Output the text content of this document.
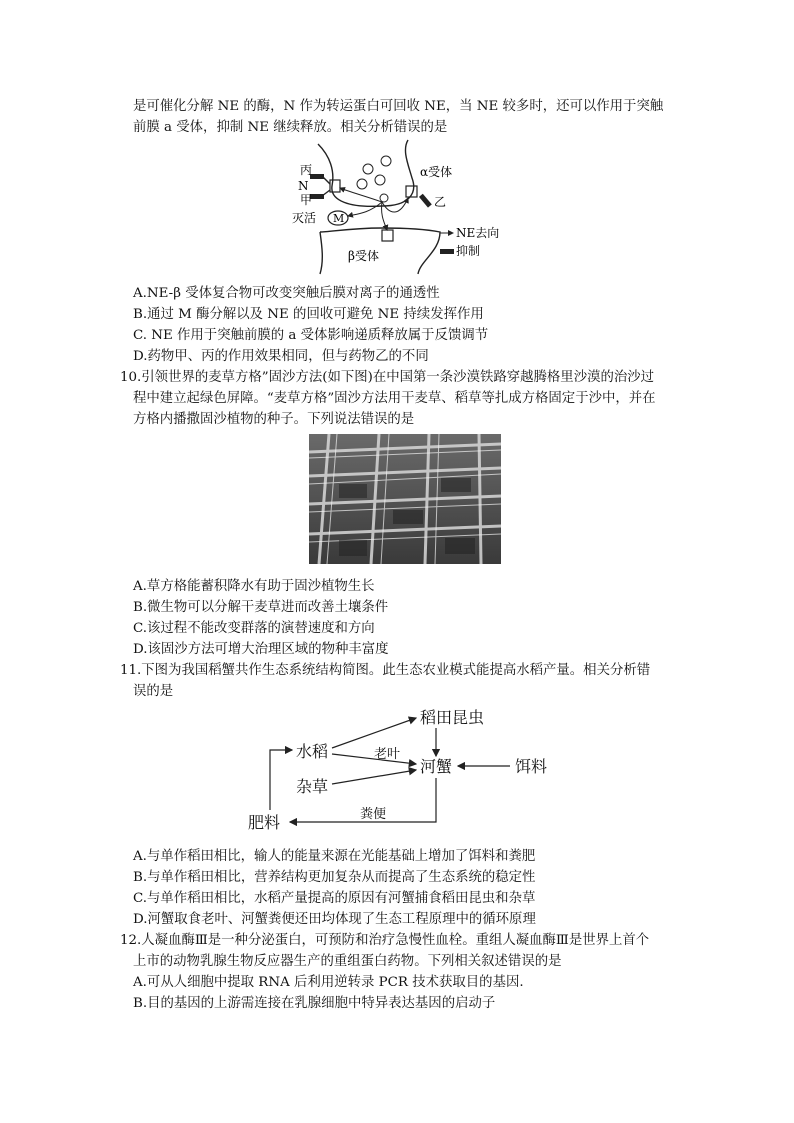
是可催化分解 NE 的酶，N 作为转运蛋白可回收 NE，当 NE 较多时，还可以作用于突触
前膜 a 受体，抑制 NE 继续释放。相关分析错误的是
M
丙
N
甲
灭活
α受体
乙
β受体
NE去向
抑制
A.NE-β 受体复合物可改变突触后膜对离子的通透性
B.通过 M 酶分解以及 NE 的回收可避免 NE 持续发挥作用
C. NE 作用于突触前膜的 a 受体影响递质释放属于反馈调节
D.药物甲、丙的作用效果相同，但与药物乙的不同
10.引领世界的麦草方格”固沙方法(如下图)在中国第一条沙漠铁路穿越腾格里沙漠的治沙过
程中建立起绿色屏障。“麦草方格”固沙方法用干麦草、稻草等扎成方格固定于沙中，并在
方格内播撒固沙植物的种子。下列说法错误的是
A.草方格能蓄积降水有助于固沙植物生长
B.微生物可以分解干麦草进而改善土壤条件
C.该过程不能改变群落的演替速度和方向
D.该固沙方法可增大治理区域的物种丰富度
11.下图为我国稻蟹共作生态系统结构简图。此生态农业模式能提高水稻产量。相关分析错
误的是
稻田昆虫
水稻
河蟹	饵料
杂草
肥料
老叶
粪便
A.与单作稻田相比，输人的能量来源在光能基础上增加了饵料和粪肥
B.与单作稻田相比，营养结构更加复杂从而提高了生态系统的稳定性
C.与单作稻田相比，水稻产量提高的原因有河蟹捕食稻田昆虫和杂草
D.河蟹取食老叶、河蟹粪便还田均体现了生态工程原理中的循环原理
12.人凝血酶Ⅲ是一种分泌蛋白，可预防和治疗急慢性血栓。重组人凝血酶Ⅲ是世界上首个
上市的动物乳腺生物反应器生产的重组蛋白药物。下列相关叙述错误的是
A.可从人细胞中提取 RNA 后利用逆转录 PCR 技术获取目的基因.
B.目的基因的上游需连接在乳腺细胞中特异表达基因的启动子
